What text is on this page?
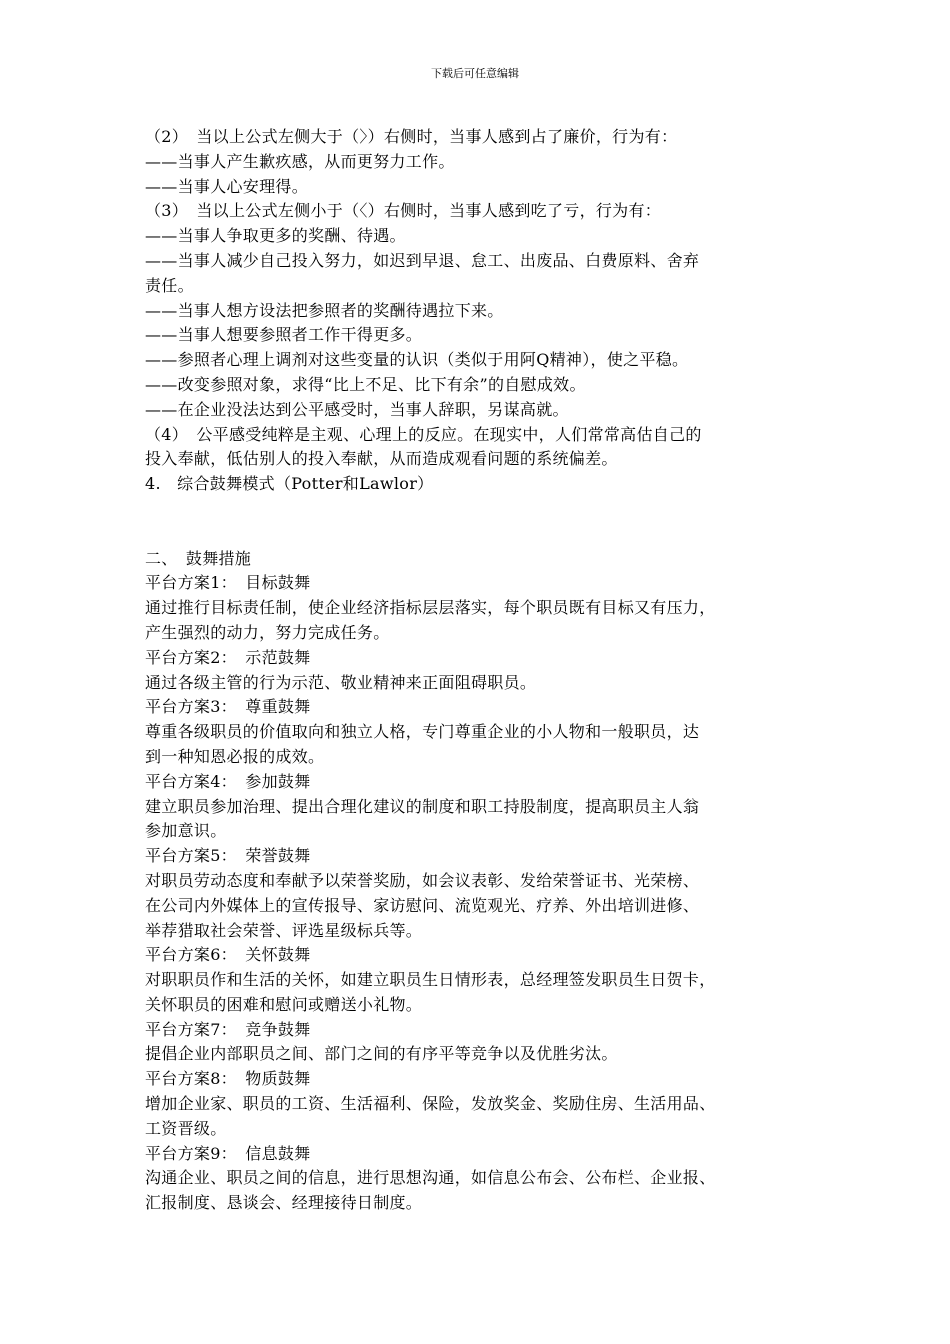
下载后可任意编辑
（2）　当以上公式左侧大于（〉）右侧时，当事人感到占了廉价，行为有：
——当事人产生歉疚感，从而更努力工作。
——当事人心安理得。
（3）　当以上公式左侧小于（〈）右侧时，当事人感到吃了亏，行为有：
——当事人争取更多的奖酬、待遇。
——当事人减少自己投入努力，如迟到早退、怠工、出废品、白费原料、舍弃
责任。
——当事人想方设法把参照者的奖酬待遇拉下来。
——当事人想要参照者工作干得更多。
——参照者心理上调剂对这些变量的认识（类似于用阿Q精神），使之平稳。
——改变参照对象，求得“比上不足、比下有余”的自慰成效。
——在企业没法达到公平感受时，当事人辞职，另谋高就。
（4）　公平感受纯粹是主观、心理上的反应。在现实中，人们常常高估自己的
投入奉献，低估别人的投入奉献，从而造成观看问题的系统偏差。
4.　综合鼓舞模式（Potter和Lawlor）
二、　鼓舞措施
平台方案1：　目标鼓舞
通过推行目标责任制，使企业经济指标层层落实，每个职员既有目标又有压力，
产生强烈的动力，努力完成任务。
平台方案2：　示范鼓舞
通过各级主管的行为示范、敬业精神来正面阻碍职员。
平台方案3：　尊重鼓舞
尊重各级职员的价值取向和独立人格，专门尊重企业的小人物和一般职员，达
到一种知恩必报的成效。
平台方案4：　参加鼓舞
建立职员参加治理、提出合理化建议的制度和职工持股制度，提高职员主人翁
参加意识。
平台方案5：　荣誉鼓舞
对职员劳动态度和奉献予以荣誉奖励，如会议表彰、发给荣誉证书、光荣榜、
在公司内外媒体上的宣传报导、家访慰问、流览观光、疗养、外出培训进修、
举荐猎取社会荣誉、评选星级标兵等。
平台方案6：　关怀鼓舞
对职职员作和生活的关怀，如建立职员生日情形表，总经理签发职员生日贺卡，
关怀职员的困难和慰问或赠送小礼物。
平台方案7：　竞争鼓舞
提倡企业内部职员之间、部门之间的有序平等竞争以及优胜劣汰。
平台方案8：　物质鼓舞
增加企业家、职员的工资、生活福利、保险，发放奖金、奖励住房、生活用品、
工资晋级。
平台方案9：　信息鼓舞
沟通企业、职员之间的信息，进行思想沟通，如信息公布会、公布栏、企业报、
汇报制度、恳谈会、经理接待日制度。
